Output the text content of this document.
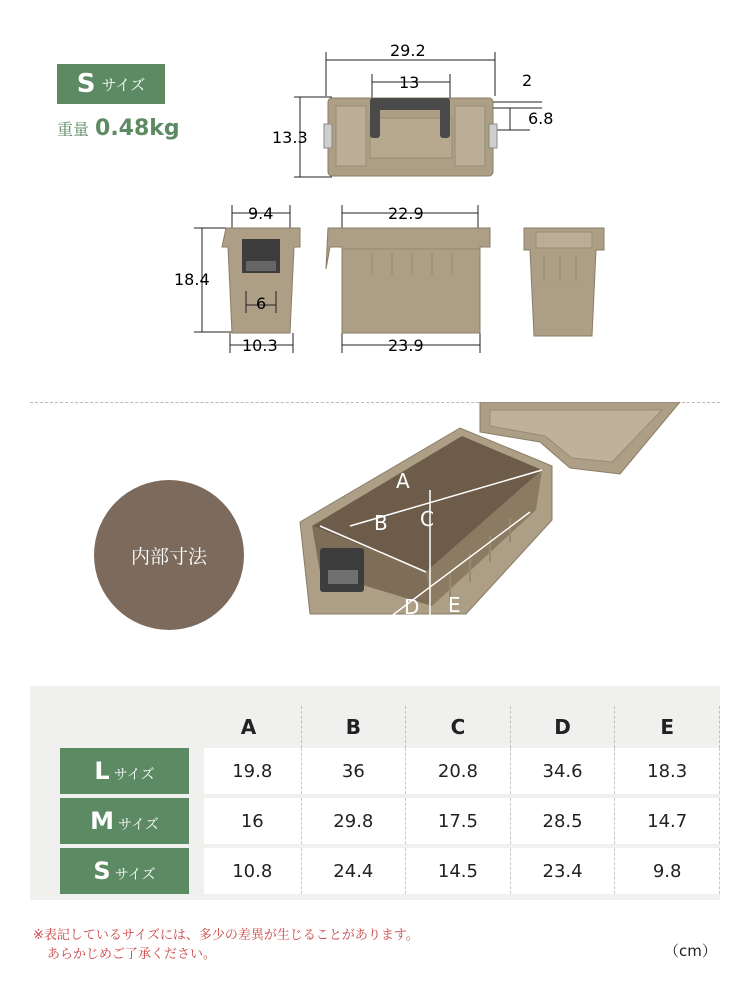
S サイズ
重量 0.48kg
29.2
13	2
6.8
13.3
9.4
18.4
6
10.3
22.9
23.9
内部寸法
A
B C
D E
	A	B	C	D	E
L サイズ	19.8	36	20.8	34.6	18.3
M サイズ	16	29.8	17.5	28.5	14.7
S サイズ	10.8	24.4	14.5	23.4	9.8
※表記しているサイズには、多少の差異が生じることがあります。
あらかじめご了承ください。	（cm）
